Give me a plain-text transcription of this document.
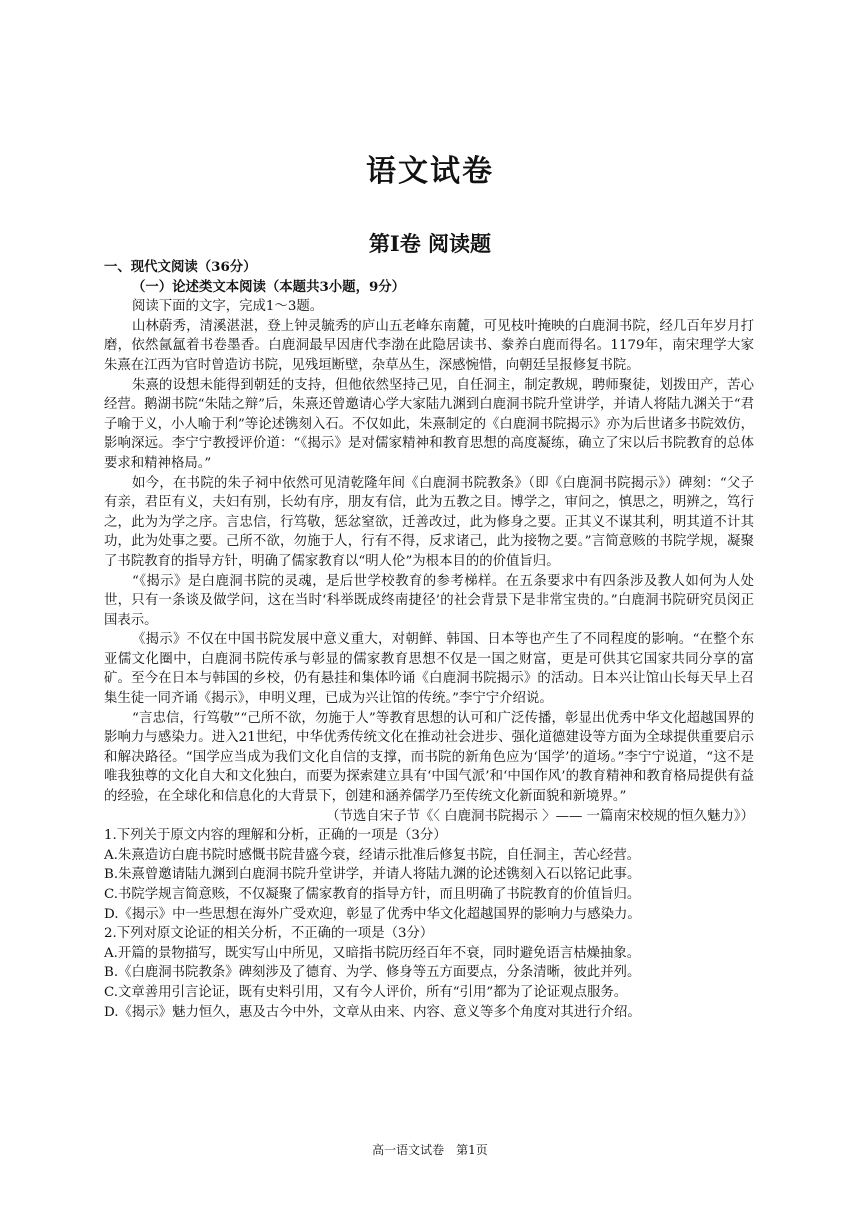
语文试卷
第Ⅰ卷 阅读题

一、现代文阅读（36分）

（一）论述类文本阅读（本题共3小题，9分）

阅读下面的文字，完成1～3题。

山林蔚秀，清溪湛湛，登上钟灵毓秀的庐山五老峰东南麓，可见枝叶掩映的白鹿洞书院，经几百年岁月打磨，依然氤氲着书卷墨香。白鹿洞最早因唐代李渤在此隐居读书、豢养白鹿而得名。1179年，南宋理学大家朱熹在江西为官时曾造访书院，见残垣断壁，杂草丛生，深感惋惜，向朝廷呈报修复书院。

朱熹的设想未能得到朝廷的支持，但他依然坚持己见，自任洞主，制定教规，聘师聚徒，划拨田产，苦心经营。鹅湖书院“朱陆之辩”后，朱熹还曾邀请心学大家陆九渊到白鹿洞书院升堂讲学，并请人将陆九渊关于“君子喻于义，小人喻于利”等论述镌刻入石。不仅如此，朱熹制定的《白鹿洞书院揭示》亦为后世诸多书院效仿，影响深远。李宁宁教授评价道：“《揭示》是对儒家精神和教育思想的高度凝练，确立了宋以后书院教育的总体要求和精神格局。”

如今，在书院的朱子祠中依然可见清乾隆年间《白鹿洞书院教条》（即《白鹿洞书院揭示》）碑刻：“父子有亲，君臣有义，夫妇有别，长幼有序，朋友有信，此为五教之目。博学之，审问之，慎思之，明辨之，笃行之，此为为学之序。言忠信，行笃敬，惩忿窒欲，迁善改过，此为修身之要。正其义不谋其利，明其道不计其功，此为处事之要。己所不欲，勿施于人，行有不得，反求诸己，此为接物之要。”言简意赅的书院学规，凝聚了书院教育的指导方针，明确了儒家教育以“明人伦”为根本目的的价值旨归。

“《揭示》是白鹿洞书院的灵魂，是后世学校教育的参考梯样。在五条要求中有四条涉及教人如何为人处世，只有一条谈及做学问，这在当时‘科举既成终南捷径’的社会背景下是非常宝贵的。”白鹿洞书院研究员闵正国表示。

《揭示》不仅在中国书院发展中意义重大，对朝鲜、韩国、日本等也产生了不同程度的影响。“在整个东亚儒文化圈中，白鹿洞书院传承与彰显的儒家教育思想不仅是一国之财富，更是可供其它国家共同分享的富矿。至今在日本与韩国的乡校，仍有悬挂和集体吟诵《白鹿洞书院揭示》的活动。日本兴让馆山长每天早上召集生徒一同齐诵《揭示》，申明义理，已成为兴让馆的传统。”李宁宁介绍说。

“言忠信，行笃敬”“己所不欲，勿施于人”等教育思想的认可和广泛传播，彰显出优秀中华文化超越国界的影响力与感染力。进入21世纪，中华优秀传统文化在推动社会进步、强化道德建设等方面为全球提供重要启示和解决路径。“国学应当成为我们文化自信的支撑，而书院的新角色应为‘国学’的道场。”李宁宁说道，“这不是唯我独尊的文化自大和文化独白，而要为探索建立具有‘中国气派’和‘中国作风’的教育精神和教育格局提供有益的经验，在全球化和信息化的大背景下，创建和涵养儒学乃至传统文化新面貌和新境界。”

（节选自宋子节《〈 白鹿洞书院揭示 〉—— 一篇南宋校规的恒久魅力》）

1.下列关于原文内容的理解和分析，正确的一项是（3分）

A.朱熹造访白鹿书院时感慨书院昔盛今衰，经请示批准后修复书院，自任洞主，苦心经营。

B.朱熹曾邀请陆九渊到白鹿洞书院升堂讲学，并请人将陆九渊的论述镌刻入石以铭记此事。

C.书院学规言简意赅，不仅凝聚了儒家教育的指导方针，而且明确了书院教育的价值旨归。

D.《揭示》中一些思想在海外广受欢迎，彰显了优秀中华文化超越国界的影响力与感染力。

2.下列对原文论证的相关分析，不正确的一项是（3分）

A.开篇的景物描写，既实写山中所见，又暗指书院历经百年不衰，同时避免语言枯燥抽象。

B.《白鹿洞书院教条》碑刻涉及了德育、为学、修身等五方面要点，分条清晰，彼此并列。

C.文章善用引言论证，既有史料引用，又有今人评价，所有“引用”都为了论证观点服务。

D.《揭示》魅力恒久，惠及古今中外，文章从由来、内容、意义等多个角度对其进行介绍。

高一语文试卷　第1页
